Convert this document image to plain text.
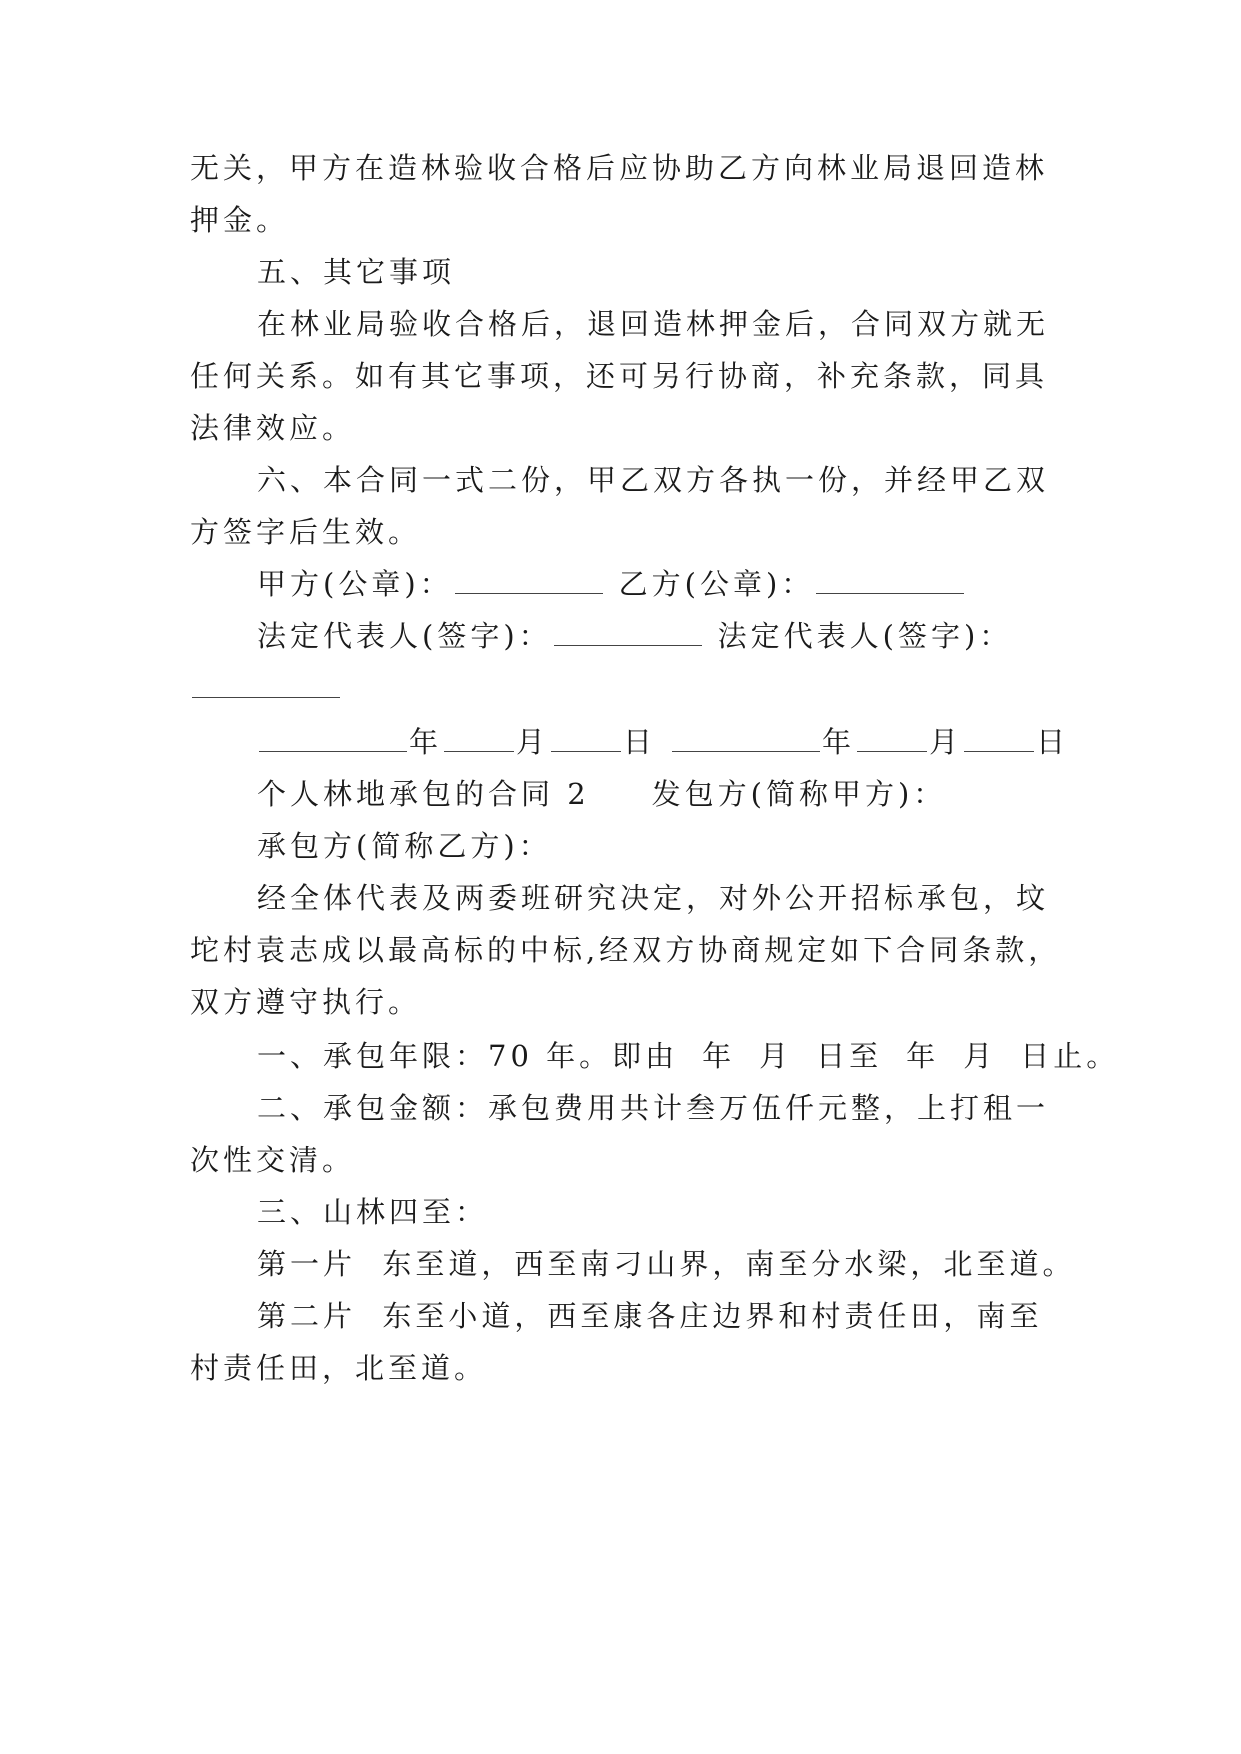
无关，甲方在造林验收合格后应协助乙方向林业局退回造林
押金。
五、其它事项
在林业局验收合格后，退回造林押金后，合同双方就无
任何关系。如有其它事项，还可另行协商，补充条款，同具
法律效应。
六、本合同一式二份，甲乙双方各执一份，并经甲乙双
方签字后生效。
甲方(公章)：	乙方(公章)：
法定代表人(签字)：	法定代表人(签字)：
年	月	日	年	月	日
个人林地承包的合同 2 发包方(简称甲方)：
承包方(简称乙方)：
经全体代表及两委班研究决定，对外公开招标承包，坟
坨村袁志成以最高标的中标,经双方协商规定如下合同条款，
双方遵守执行。
一、承包年限：70 年。即由 年 月 日至 年 月 日止。
二、承包金额：承包费用共计叁万伍仟元整，上打租一
次性交清。
三、山林四至：
第一片  东至道，西至南刁山界，南至分水梁，北至道。
第二片  东至小道，西至康各庄边界和村责任田，南至
村责任田，北至道。
